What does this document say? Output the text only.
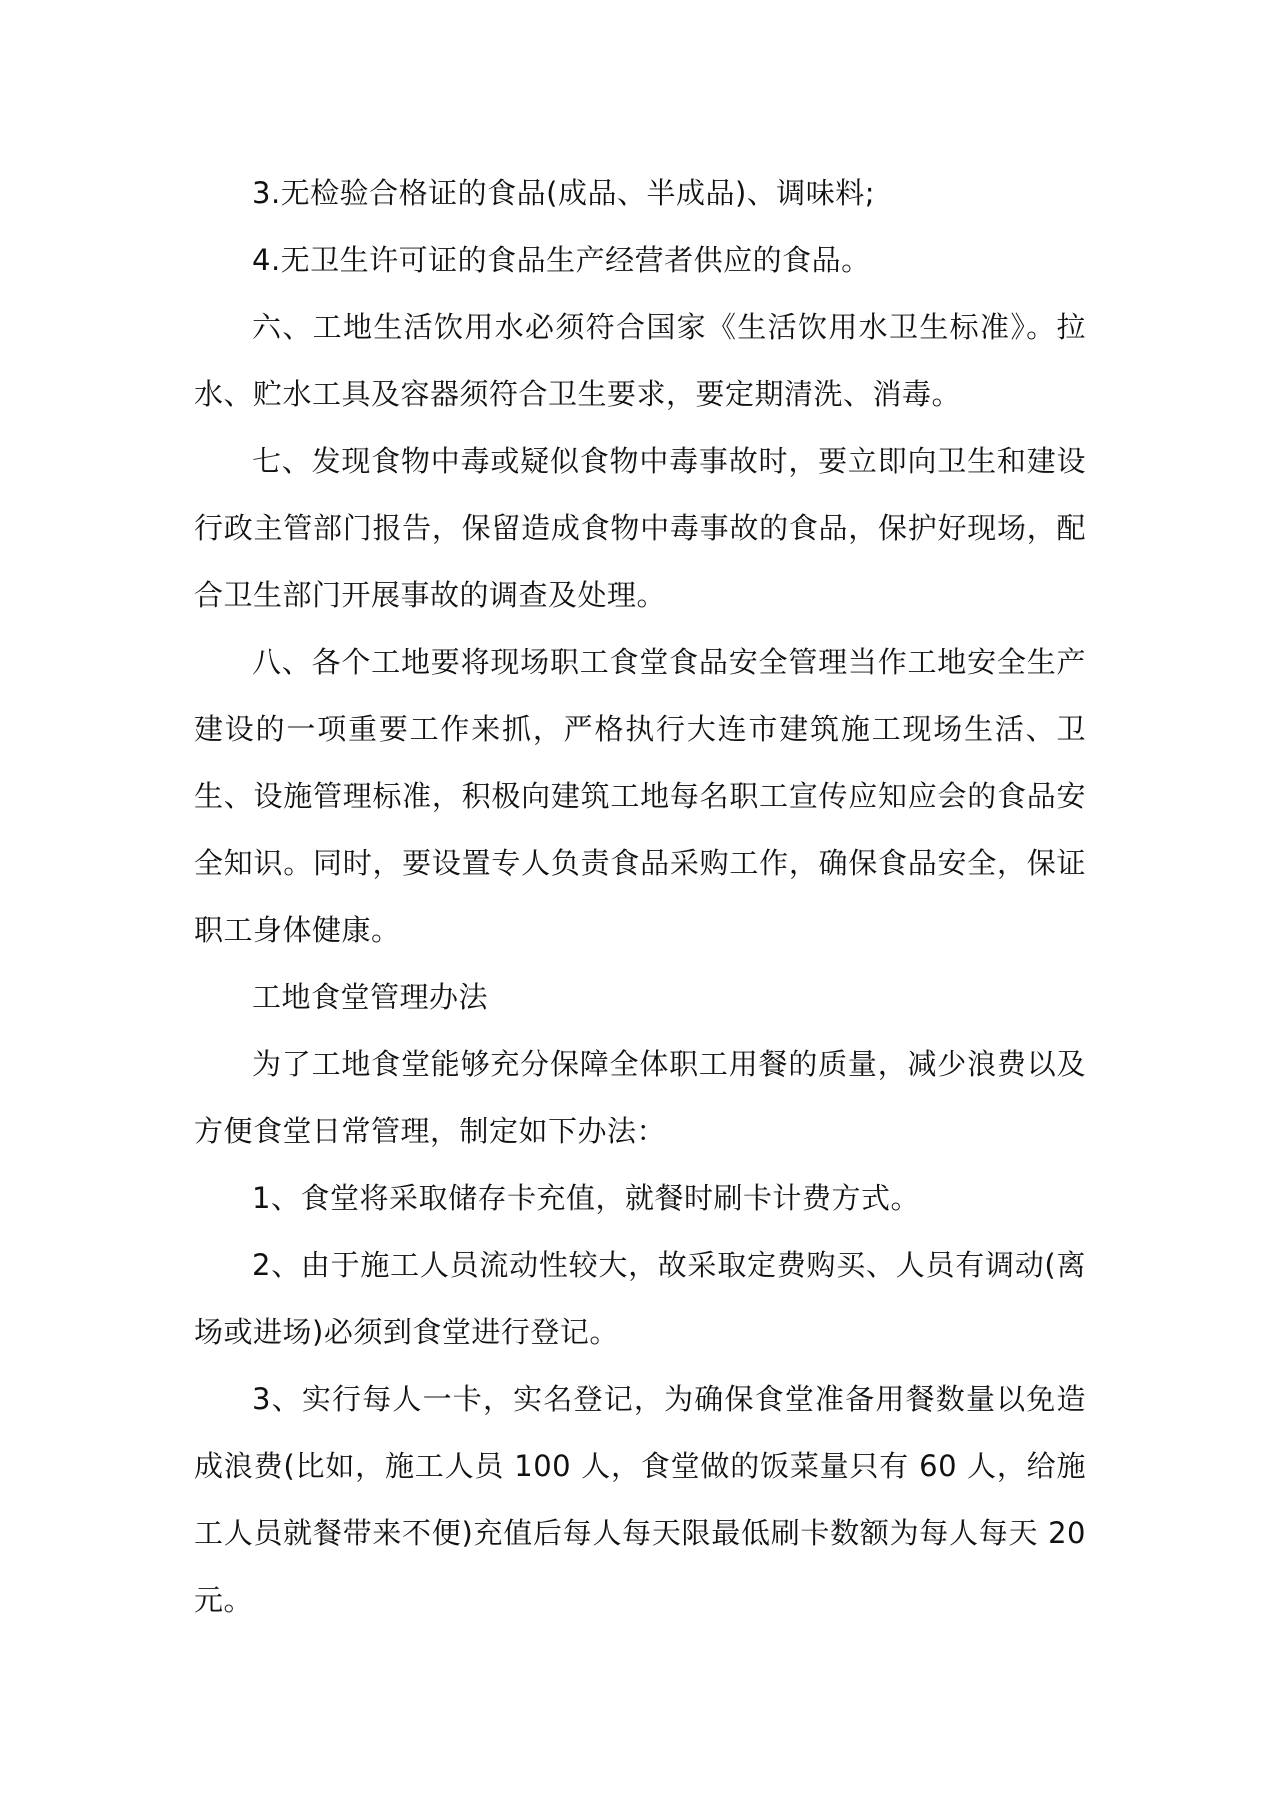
3.无检验合格证的食品(成品、半成品)、调味料;

4.无卫生许可证的食品生产经营者供应的食品。

六、工地生活饮用水必须符合国家《生活饮用水卫生标准》。拉水、贮水工具及容器须符合卫生要求，要定期清洗、消毒。

七、发现食物中毒或疑似食物中毒事故时，要立即向卫生和建设行政主管部门报告，保留造成食物中毒事故的食品，保护好现场，配合卫生部门开展事故的调查及处理。

八、各个工地要将现场职工食堂食品安全管理当作工地安全生产建设的一项重要工作来抓，严格执行大连市建筑施工现场生活、卫生、设施管理标准，积极向建筑工地每名职工宣传应知应会的食品安全知识。同时，要设置专人负责食品采购工作，确保食品安全，保证职工身体健康。

工地食堂管理办法

为了工地食堂能够充分保障全体职工用餐的质量，减少浪费以及方便食堂日常管理，制定如下办法：

1、食堂将采取储存卡充值，就餐时刷卡计费方式。

2、由于施工人员流动性较大，故采取定费购买、人员有调动(离场或进场)必须到食堂进行登记。

3、实行每人一卡，实名登记，为确保食堂准备用餐数量以免造成浪费(比如，施工人员 100 人，食堂做的饭菜量只有 60 人，给施工人员就餐带来不便)充值后每人每天限最低刷卡数额为每人每天 20 元。
